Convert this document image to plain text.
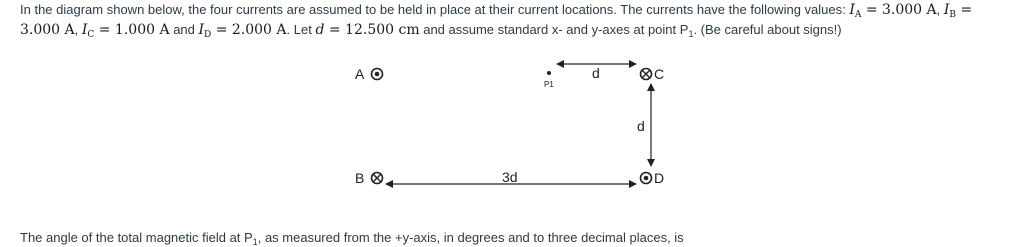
In the diagram shown below, the four currents are assumed to be held in place at their current locations. The currents have the following values: $I_A = 3.000$ A, $I_B = 3.000$ A, $I_C = 1.000$ A and $I_D = 2.000$ A. Let d = 12.500 cm and assume standard x- and y-axes at point $P_1$. (Be careful about signs!)

A
P1
d	C
d
B	3d	D
The angle of the total magnetic field at $P_1$, as measured from the +y-axis, in degrees and to three decimal places, is
